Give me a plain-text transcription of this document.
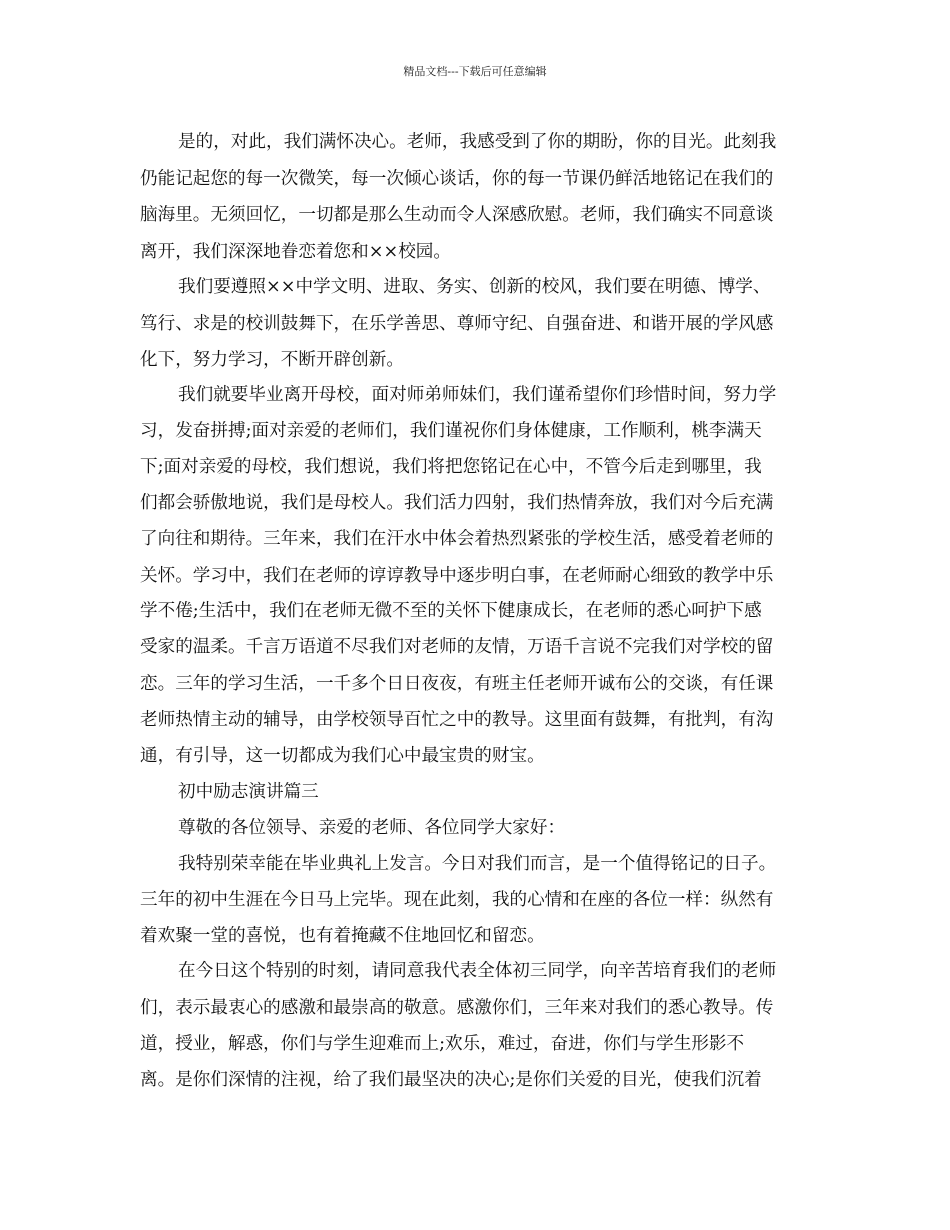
精品文档---下载后可任意编辑
是的，对此，我们满怀决心。老师，我感受到了你的期盼，你的目光。此刻我
仍能记起您的每一次微笑，每一次倾心谈话，你的每一节课仍鲜活地铭记在我们的
脑海里。无须回忆，一切都是那么生动而令人深感欣慰。老师，我们确实不同意谈
离开，我们深深地眷恋着您和××校园。
我们要遵照××中学文明、进取、务实、创新的校风，我们要在明德、博学、
笃行、求是的校训鼓舞下，在乐学善思、尊师守纪、自强奋进、和谐开展的学风感
化下，努力学习，不断开辟创新。
我们就要毕业离开母校，面对师弟师妹们，我们谨希望你们珍惜时间，努力学
习，发奋拼搏;面对亲爱的老师们，我们谨祝你们身体健康，工作顺利，桃李满天
下;面对亲爱的母校，我们想说，我们将把您铭记在心中，不管今后走到哪里，我
们都会骄傲地说，我们是母校人。我们活力四射，我们热情奔放，我们对今后充满
了向往和期待。三年来，我们在汗水中体会着热烈紧张的学校生活，感受着老师的
关怀。学习中，我们在老师的谆谆教导中逐步明白事，在老师耐心细致的教学中乐
学不倦;生活中，我们在老师无微不至的关怀下健康成长，在老师的悉心呵护下感
受家的温柔。千言万语道不尽我们对老师的友情，万语千言说不完我们对学校的留
恋。三年的学习生活，一千多个日日夜夜，有班主任老师开诚布公的交谈，有任课
老师热情主动的辅导，由学校领导百忙之中的教导。这里面有鼓舞，有批判，有沟
通，有引导，这一切都成为我们心中最宝贵的财宝。
初中励志演讲篇三
尊敬的各位领导、亲爱的老师、各位同学大家好：
我特别荣幸能在毕业典礼上发言。今日对我们而言，是一个值得铭记的日子。
三年的初中生涯在今日马上完毕。现在此刻，我的心情和在座的各位一样：纵然有
着欢聚一堂的喜悦，也有着掩藏不住地回忆和留恋。
在今日这个特别的时刻，请同意我代表全体初三同学，向辛苦培育我们的老师
们，表示最衷心的感激和最崇高的敬意。感激你们，三年来对我们的悉心教导。传
道，授业，解惑，你们与学生迎难而上;欢乐，难过，奋进，你们与学生形影不
离。是你们深情的注视，给了我们最坚决的决心;是你们关爱的目光，使我们沉着
